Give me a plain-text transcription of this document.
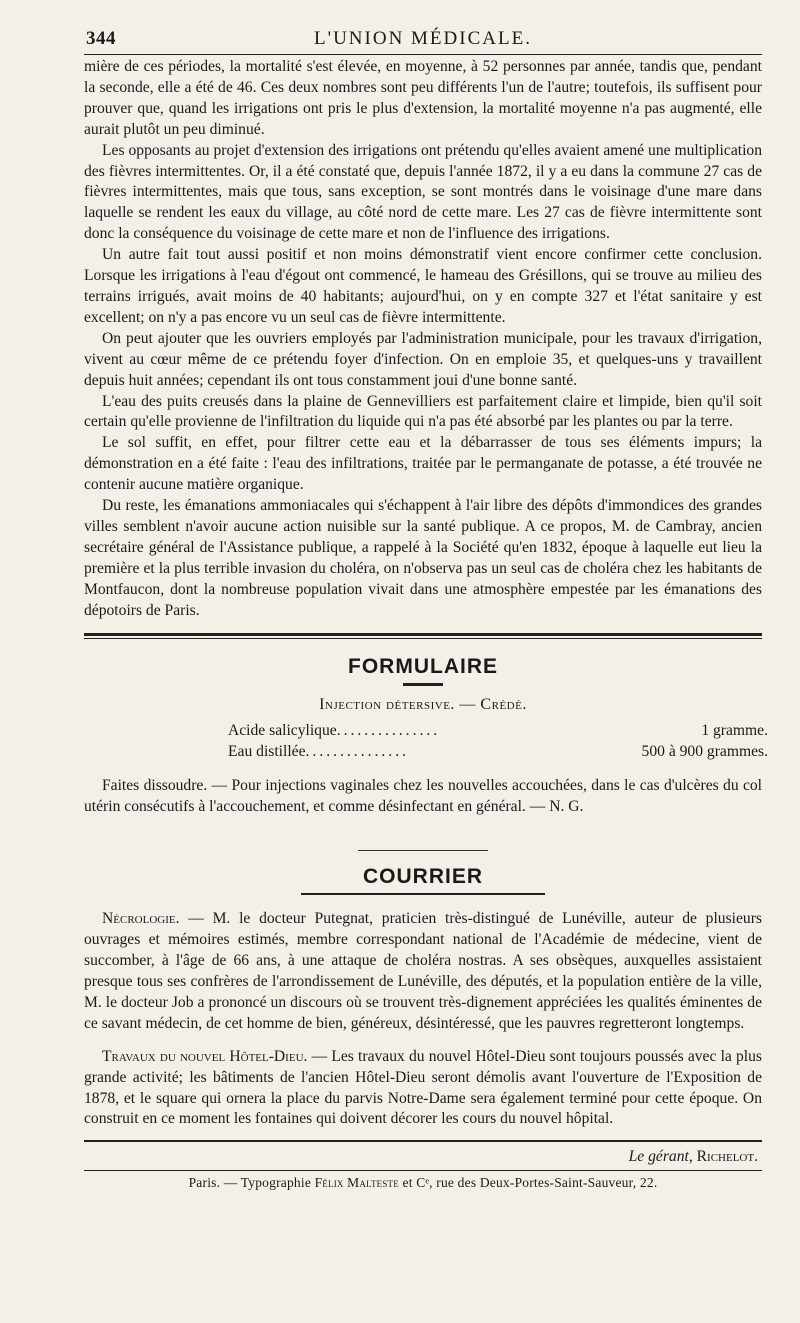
344	L'UNION MÉDICALE.

mière de ces périodes, la mortalité s'est élevée, en moyenne, à 52 personnes par année, tandis que, pendant la seconde, elle a été de 46. Ces deux nombres sont peu différents l'un de l'autre; toutefois, ils suffisent pour prouver que, quand les irrigations ont pris le plus d'extension, la mortalité moyenne n'a pas augmenté, elle aurait plutôt un peu diminué.

Les opposants au projet d'extension des irrigations ont prétendu qu'elles avaient amené une multiplication des fièvres intermittentes. Or, il a été constaté que, depuis l'année 1872, il y a eu dans la commune 27 cas de fièvres intermittentes, mais que tous, sans exception, se sont montrés dans le voisinage d'une mare dans laquelle se rendent les eaux du village, au côté nord de cette mare. Les 27 cas de fièvre intermittente sont donc la conséquence du voisinage de cette mare et non de l'influence des irrigations.

Un autre fait tout aussi positif et non moins démonstratif vient encore confirmer cette conclusion. Lorsque les irrigations à l'eau d'égout ont commencé, le hameau des Grésillons, qui se trouve au milieu des terrains irrigués, avait moins de 40 habitants; aujourd'hui, on y en compte 327 et l'état sanitaire y est excellent; on n'y a pas encore vu un seul cas de fièvre intermittente.

On peut ajouter que les ouvriers employés par l'administration municipale, pour les travaux d'irrigation, vivent au cœur même de ce prétendu foyer d'infection. On en emploie 35, et quelques-uns y travaillent depuis huit années; cependant ils ont tous constamment joui d'une bonne santé.

L'eau des puits creusés dans la plaine de Gennevilliers est parfaitement claire et limpide, bien qu'il soit certain qu'elle provienne de l'infiltration du liquide qui n'a pas été absorbé par les plantes ou par la terre.

Le sol suffit, en effet, pour filtrer cette eau et la débarrasser de tous ses éléments impurs; la démonstration en a été faite : l'eau des infiltrations, traitée par le permanganate de potasse, a été trouvée ne contenir aucune matière organique.

Du reste, les émanations ammoniacales qui s'échappent à l'air libre des dépôts d'immondices des grandes villes semblent n'avoir aucune action nuisible sur la santé publique. A ce propos, M. de Cambray, ancien secrétaire général de l'Assistance publique, a rappelé à la Société qu'en 1832, époque à laquelle eut lieu la première et la plus terrible invasion du choléra, on n'observa pas un seul cas de choléra chez les habitants de Montfaucon, dont la nombreuse population vivait dans une atmosphère empestée par les émanations des dépotoirs de Paris.

FORMULAIRE
Injection détersive. — Crédé.
Acide salicylique ...............	1 gramme.
Eau distillée ...............	500 à 900 grammes.
Faites dissoudre. — Pour injections vaginales chez les nouvelles accouchées, dans le cas d'ulcères du col utérin consécutifs à l'accouchement, et comme désinfectant en général. — N. G.
COURRIER

Nécrologie. — M. le docteur Putegnat, praticien très-distingué de Lunéville, auteur de plusieurs ouvrages et mémoires estimés, membre correspondant national de l'Académie de médecine, vient de succomber, à l'âge de 66 ans, à une attaque de choléra nostras. A ses obsèques, auxquelles assistaient presque tous ses confrères de l'arrondissement de Lunéville, des députés, et la population entière de la ville, M. le docteur Job a prononcé un discours où se trouvent très-dignement appréciées les qualités éminentes de ce savant médecin, de cet homme de bien, généreux, désintéressé, que les pauvres regretteront longtemps.

Travaux du nouvel Hôtel-Dieu. — Les travaux du nouvel Hôtel-Dieu sont toujours poussés avec la plus grande activité; les bâtiments de l'ancien Hôtel-Dieu seront démolis avant l'ouverture de l'Exposition de 1878, et le square qui ornera la place du parvis Notre-Dame sera également terminé pour cette époque. On construit en ce moment les fontaines qui doivent décorer les cours du nouvel hôpital.

Le gérant, Richelot.
Paris. — Typographie Félix Malteste et Cᵉ, rue des Deux-Portes-Saint-Sauveur, 22.
